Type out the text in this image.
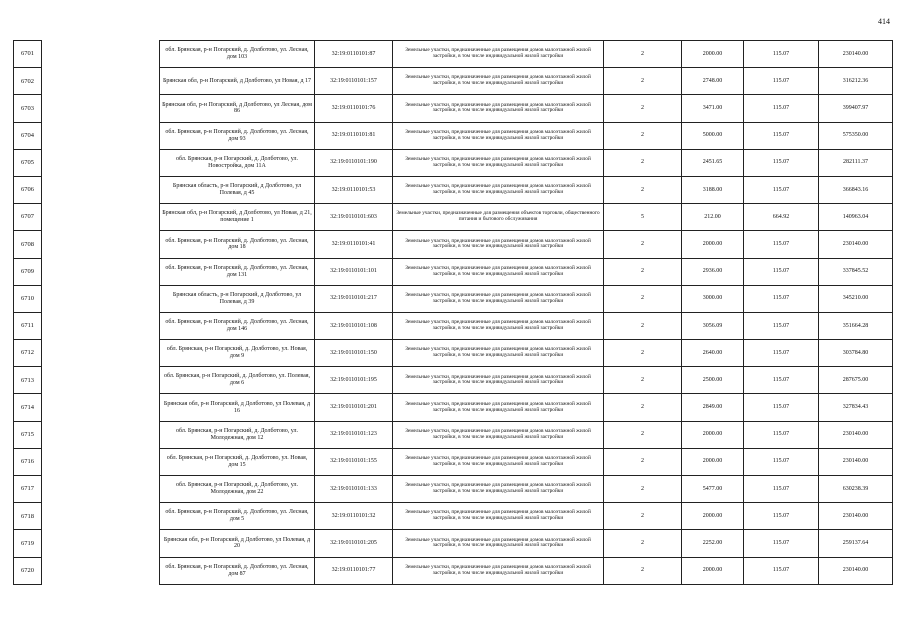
414
6701		обл. Брянская, р-н Погарский, д. Долботово, ул. Лесная, дом 103	32:19:0110101:87	Земельные участки, предназначенные для размещения домов малоэтажной жилой застройки, в том числе индивидуальной жилой застройки	2	2000.00	115.07	230140.00
6702		Брянская обл, р-н Погарский, д Долботово, ул Новая, д 17	32:19:0110101:157	Земельные участки, предназначенные для размещения домов малоэтажной жилой застройки, в том числе индивидуальной жилой застройки	2	2748.00	115.07	316212.36
6703		Брянская обл, р-н Погарский, д Долботово, ул Лесная, дом 86	32:19:0110101:76	Земельные участки, предназначенные для размещения домов малоэтажной жилой застройки, в том числе индивидуальной жилой застройки	2	3471.00	115.07	399407.97
6704		обл. Брянская, р-н Погарский, д. Долботово, ул. Лесная, дом 93	32:19:0110101:81	Земельные участки, предназначенные для размещения домов малоэтажной жилой застройки, в том числе индивидуальной жилой застройки	2	5000.00	115.07	575350.00
6705		обл. Брянская, р-н Погарский, д. Долботово, ул. Новостройка, дом 11А	32:19:0110101:190	Земельные участки, предназначенные для размещения домов малоэтажной жилой застройки, в том числе индивидуальной жилой застройки	2	2451.65	115.07	282111.37
6706		Брянская область, р-н Погарский, д Долботово, ул Полевая, д 45	32:19:0110101:53	Земельные участки, предназначенные для размещения домов малоэтажной жилой застройки, в том числе индивидуальной жилой застройки	2	3188.00	115.07	366843.16
6707		Брянская обл, р-н Погарский, д Долботово, ул Новая, д 21, помещение 1	32:19:0110101:603	Земельные участки, предназначенные для размещения объектов торговли, общественного питания и бытового обслуживания	5	212.00	664.92	140963.04
6708		обл. Брянская, р-н Погарский, д. Долботово, ул. Лесная, дом 18	32:19:0110101:41	Земельные участки, предназначенные для размещения домов малоэтажной жилой застройки, в том числе индивидуальной жилой застройки	2	2000.00	115.07	230140.00
6709		обл. Брянская, р-н Погарский, д. Долботово, ул. Лесная, дом 131	32:19:0110101:101	Земельные участки, предназначенные для размещения домов малоэтажной жилой застройки, в том числе индивидуальной жилой застройки	2	2936.00	115.07	337845.52
6710		Брянская область, р-н Погарский, д Долботово, ул Полевая, д 39	32:19:0110101:217	Земельные участки, предназначенные для размещения домов малоэтажной жилой застройки, в том числе индивидуальной жилой застройки	2	3000.00	115.07	345210.00
6711		обл. Брянская, р-н Погарский, д. Долботово, ул. Лесная, дом 146	32:19:0110101:108	Земельные участки, предназначенные для размещения домов малоэтажной жилой застройки, в том числе индивидуальной жилой застройки	2	3056.09	115.07	351664.28
6712		обл. Брянская, р-н Погарский, д. Долботово, ул. Новая, дом 9	32:19:0110101:150	Земельные участки, предназначенные для размещения домов малоэтажной жилой застройки, в том числе индивидуальной жилой застройки	2	2640.00	115.07	303784.80
6713		обл. Брянская, р-н Погарский, д. Долботово, ул. Полевая, дом 6	32:19:0110101:195	Земельные участки, предназначенные для размещения домов малоэтажной жилой застройки, в том числе индивидуальной жилой застройки	2	2500.00	115.07	287675.00
6714		Брянская обл, р-н Погарский, д Долботово, ул Полевая, д 16	32:19:0110101:201	Земельные участки, предназначенные для размещения домов малоэтажной жилой застройки, в том числе индивидуальной жилой застройки	2	2849.00	115.07	327834.43
6715		обл. Брянская, р-н Погарский, д. Долботово, ул. Молодежная, дом 12	32:19:0110101:123	Земельные участки, предназначенные для размещения домов малоэтажной жилой застройки, в том числе индивидуальной жилой застройки	2	2000.00	115.07	230140.00
6716		обл. Брянская, р-н Погарский, д. Долботово, ул. Новая, дом 15	32:19:0110101:155	Земельные участки, предназначенные для размещения домов малоэтажной жилой застройки, в том числе индивидуальной жилой застройки	2	2000.00	115.07	230140.00
6717		обл. Брянская, р-н Погарский, д. Долботово, ул. Молодежная, дом 22	32:19:0110101:133	Земельные участки, предназначенные для размещения домов малоэтажной жилой застройки, в том числе индивидуальной жилой застройки	2	5477.00	115.07	630238.39
6718		обл. Брянская, р-н Погарский, д. Долботово, ул. Лесная, дом 5	32:19:0110101:32	Земельные участки, предназначенные для размещения домов малоэтажной жилой застройки, в том числе индивидуальной жилой застройки	2	2000.00	115.07	230140.00
6719		Брянская обл, р-н Погарский, д Долботово, ул Полевая, д 20	32:19:0110101:205	Земельные участки, предназначенные для размещения домов малоэтажной жилой застройки, в том числе индивидуальной жилой застройки	2	2252.00	115.07	259137.64
6720		обл. Брянская, р-н Погарский, д. Долботово, ул. Лесная, дом 87	32:19:0110101:77	Земельные участки, предназначенные для размещения домов малоэтажной жилой застройки, в том числе индивидуальной жилой застройки	2	2000.00	115.07	230140.00
